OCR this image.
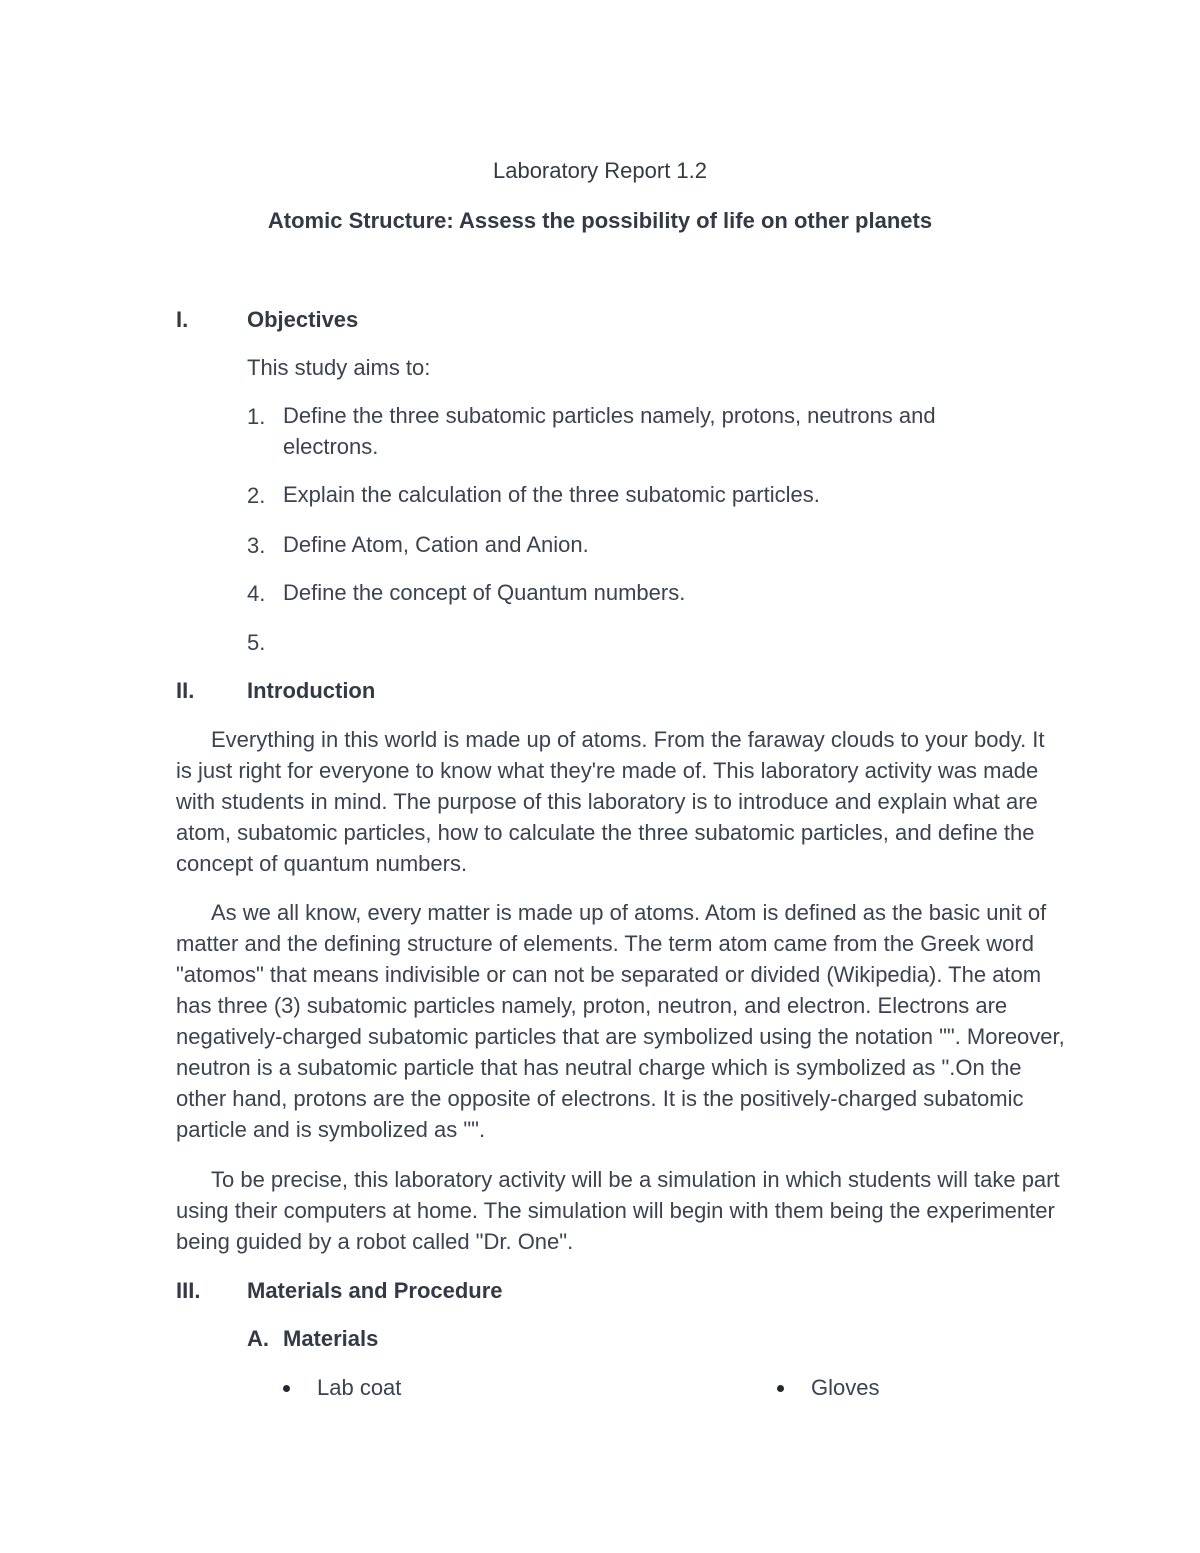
Laboratory Report 1.2
Atomic Structure: Assess the possibility of life on other planets
I.	Objectives
This study aims to:
1. Define the three subatomic particles namely, protons, neutrons and electrons.
2. Explain the calculation of the three subatomic particles.
3. Define Atom, Cation and Anion.
4. Define the concept of Quantum numbers.
5.
II. Introduction

Everything in this world is made up of atoms. From the faraway clouds to your body. It is just right for everyone to know what they're made of. This laboratory activity was made with students in mind. The purpose of this laboratory is to introduce and explain what are atom, subatomic particles, how to calculate the three subatomic particles, and define the concept of quantum numbers.

As we all know, every matter is made up of atoms. Atom is defined as the basic unit of matter and the defining structure of elements. The term atom came from the Greek word "atomos" that means indivisible or can not be separated or divided (Wikipedia). The atom has three (3) subatomic particles namely, proton, neutron, and electron. Electrons are negatively-charged subatomic particles that are symbolized using the notation "". Moreover, neutron is a subatomic particle that has neutral charge which is symbolized as ".On the other hand, protons are the opposite of electrons. It is the positively-charged subatomic particle and is symbolized as "".

To be precise, this laboratory activity will be a simulation in which students will take part using their computers at home. The simulation will begin with them being the experimenter being guided by a robot called "Dr. One".

III. Materials and Procedure
A. Materials
Lab coat	Gloves
